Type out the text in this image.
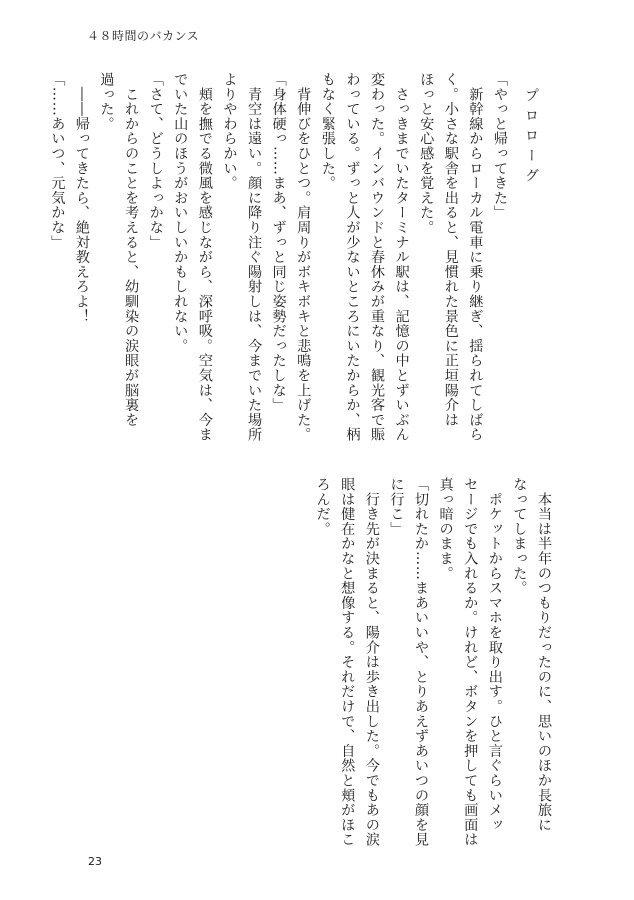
４８時間のバカンス
プロローグ
「やっと帰ってきた」
　新幹線からローカル電車に乗り継ぎ、揺られてしばら
く。小さな駅舎を出ると、見慣れた景色に正垣陽介は
ほっと安心感を覚えた。
　さっきまでいたターミナル駅は、記憶の中とずいぶん
変わった。インバウンドと春休みが重なり、観光客で賑
わっている。ずっと人が少ないところにいたからか、柄
もなく緊張した。
　背伸びをひとつ。肩周りがボキボキと悲鳴を上げた。
「身体硬っ……まあ、ずっと同じ姿勢だったしな」
　青空は遠い。顔に降り注ぐ陽射しは、今までいた場所
よりやわらかい。
　頬を撫でる微風を感じながら、深呼吸。空気は、今ま
でいた山のほうがおいしいかもしれない。
「さて、どうしよっかな」
　これからのことを考えると、幼馴染の涙眼が脳裏を
過った。
　――帰ってきたら、絶対教えろよ！
「……あいつ、元気かな」
　本当は半年のつもりだったのに、思いのほか長旅に
なってしまった。
　ポケットからスマホを取り出す。ひと言ぐらいメッ
セージでも入れるか。けれど、ボタンを押しても画面は
真っ暗のまま。
「切れたか……まあいいや、とりあえずあいつの顔を見
に行こ」
　行き先が決まると、陽介は歩き出した。今でもあの涙
眼は健在かなと想像する。それだけで、自然と頬がほこ
ろんだ。
23
